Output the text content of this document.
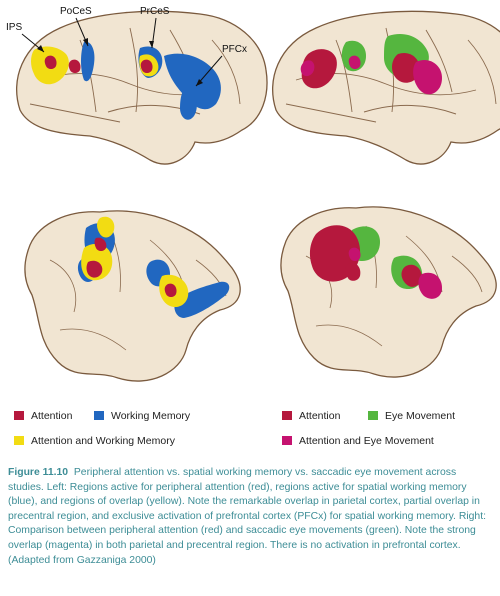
IPS
PoCeS	PrCeS
PFCx
Attention	Working Memory
Attention and Working Memory
Attention	Eye Movement
Attention and Eye Movement

Figure 11.10 Peripheral attention vs. spatial working memory vs. saccadic eye movement across studies. Left: Regions active for peripheral attention (red), regions active for spatial working memory (blue), and regions of overlap (yellow). Note the remarkable overlap in parietal cortex, partial overlap in precentral region, and exclusive activation of prefrontal cortex (PFCx) for spatial working memory. Right: Comparison between peripheral attention (red) and saccadic eye movements (green). Note the strong overlap (magenta) in both parietal and precentral region. There is no activation in prefrontal cortex. (Adapted from Gazzaniga 2000)
